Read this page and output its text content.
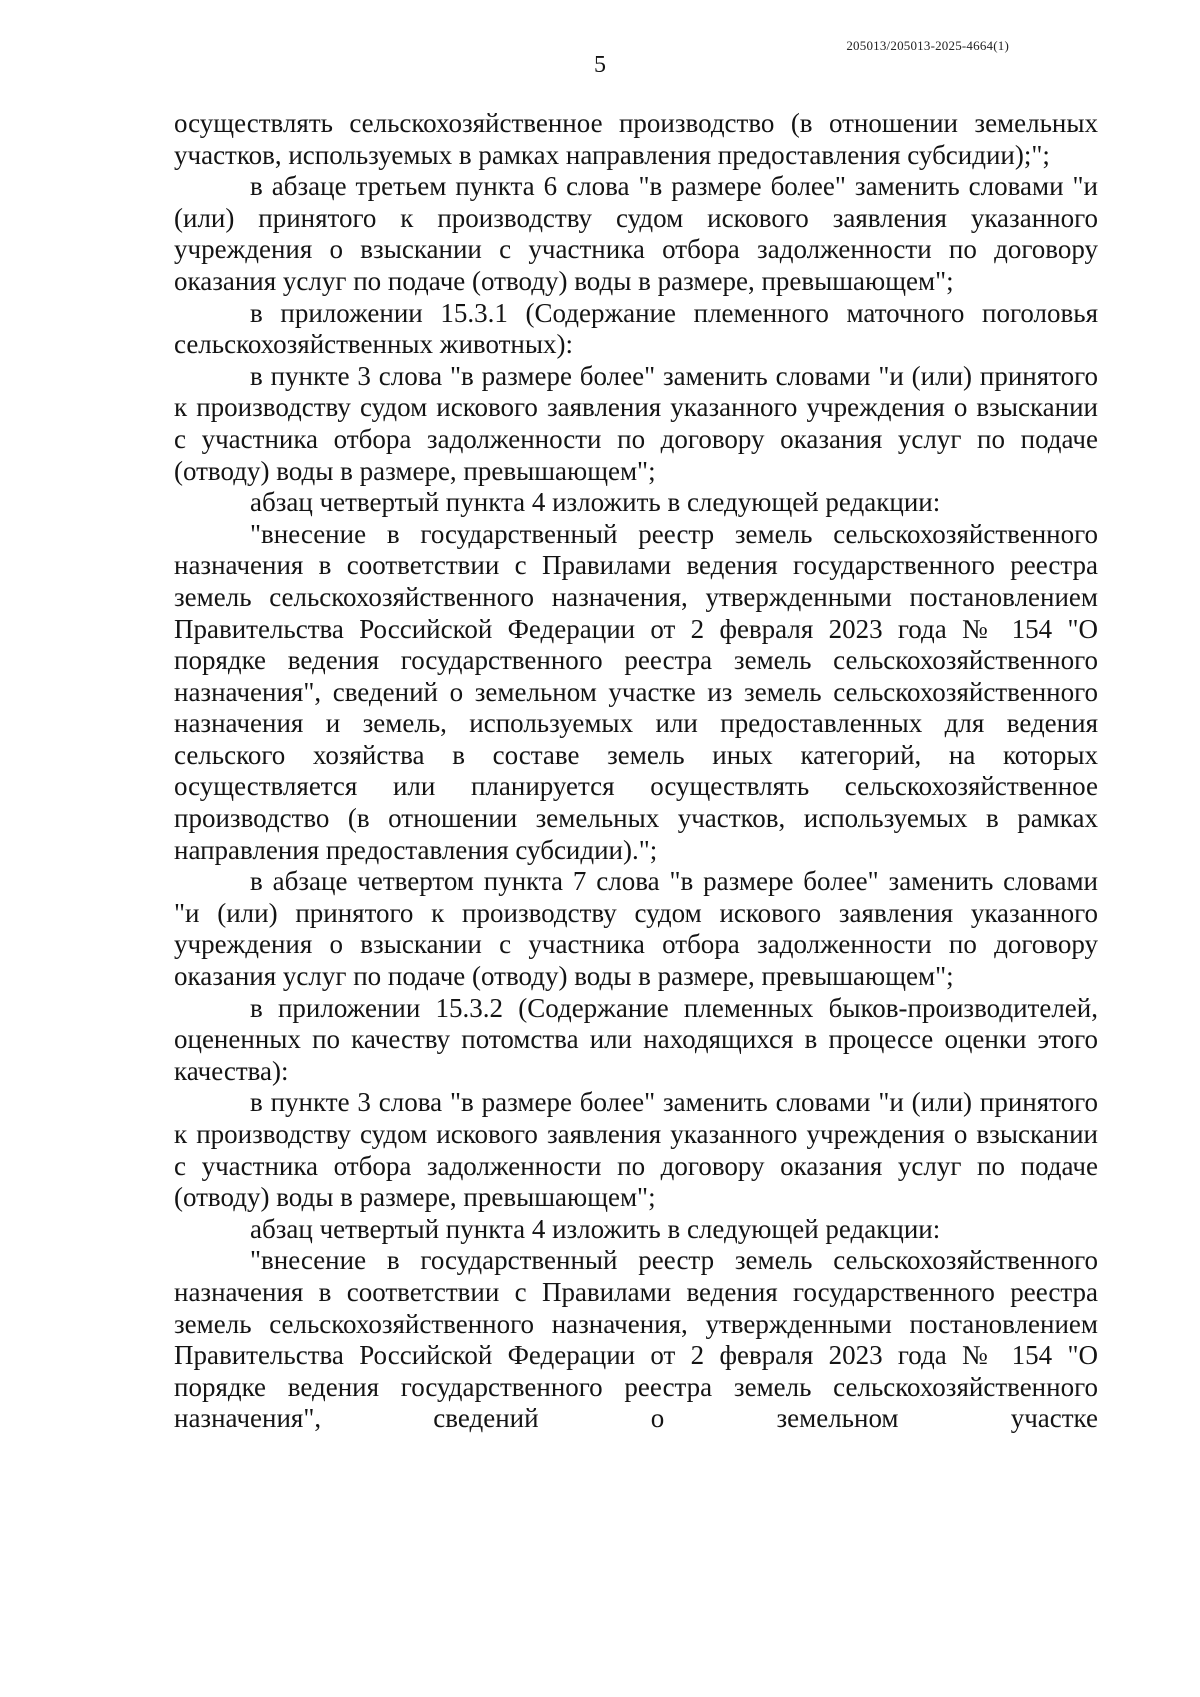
205013/205013-2025-4664(1)
5

осуществлять сельскохозяйственное производство (в отношении земельных участков, используемых в рамках направления предоставления субсидии);";

в абзаце третьем пункта 6 слова "в размере более" заменить словами "и (или) принятого к производству судом искового заявления указанного учреждения о взыскании с участника отбора задолженности по договору оказания услуг по подаче (отводу) воды в размере, превышающем";

в приложении 15.3.1 (Содержание племенного маточного поголовья сельскохозяйственных животных):

в пункте 3 слова "в размере более" заменить словами "и (или) принятого к производству судом искового заявления указанного учреждения о взыскании с участника отбора задолженности по договору оказания услуг по подаче (отводу) воды в размере, превышающем";

абзац четвертый пункта 4 изложить в следующей редакции:

"внесение в государственный реестр земель сельскохозяйственного назначения в соответствии с Правилами ведения государственного реестра земель сельскохозяйственного назначения, утвержденными постановлением Правительства Российской Федерации от 2 февраля 2023 года № 154 "О порядке ведения государственного реестра земель сельскохозяйственного назначения", сведений о земельном участке из земель сельскохозяйственного назначения и земель, используемых или предоставленных для ведения сельского хозяйства в составе земель иных категорий, на которых осуществляется или планируется осуществлять сельскохозяйственное производство (в отношении земельных участков, используемых в рамках направления предоставления субсидии).";

в абзаце четвертом пункта 7 слова "в размере более" заменить словами "и (или) принятого к производству судом искового заявления указанного учреждения о взыскании с участника отбора задолженности по договору оказания услуг по подаче (отводу) воды в размере, превышающем";

в приложении 15.3.2 (Содержание племенных быков-производителей, оцененных по качеству потомства или находящихся в процессе оценки этого качества):

в пункте 3 слова "в размере более" заменить словами "и (или) принятого к производству судом искового заявления указанного учреждения о взыскании с участника отбора задолженности по договору оказания услуг по подаче (отводу) воды в размере, превышающем";

абзац четвертый пункта 4 изложить в следующей редакции:

"внесение в государственный реестр земель сельскохозяйственного назначения в соответствии с Правилами ведения государственного реестра земель сельскохозяйственного назначения, утвержденными постановлением Правительства Российской Федерации от 2 февраля 2023 года № 154 "О порядке ведения государственного реестра земель сельскохозяйственного назначения", сведений о земельном участке
